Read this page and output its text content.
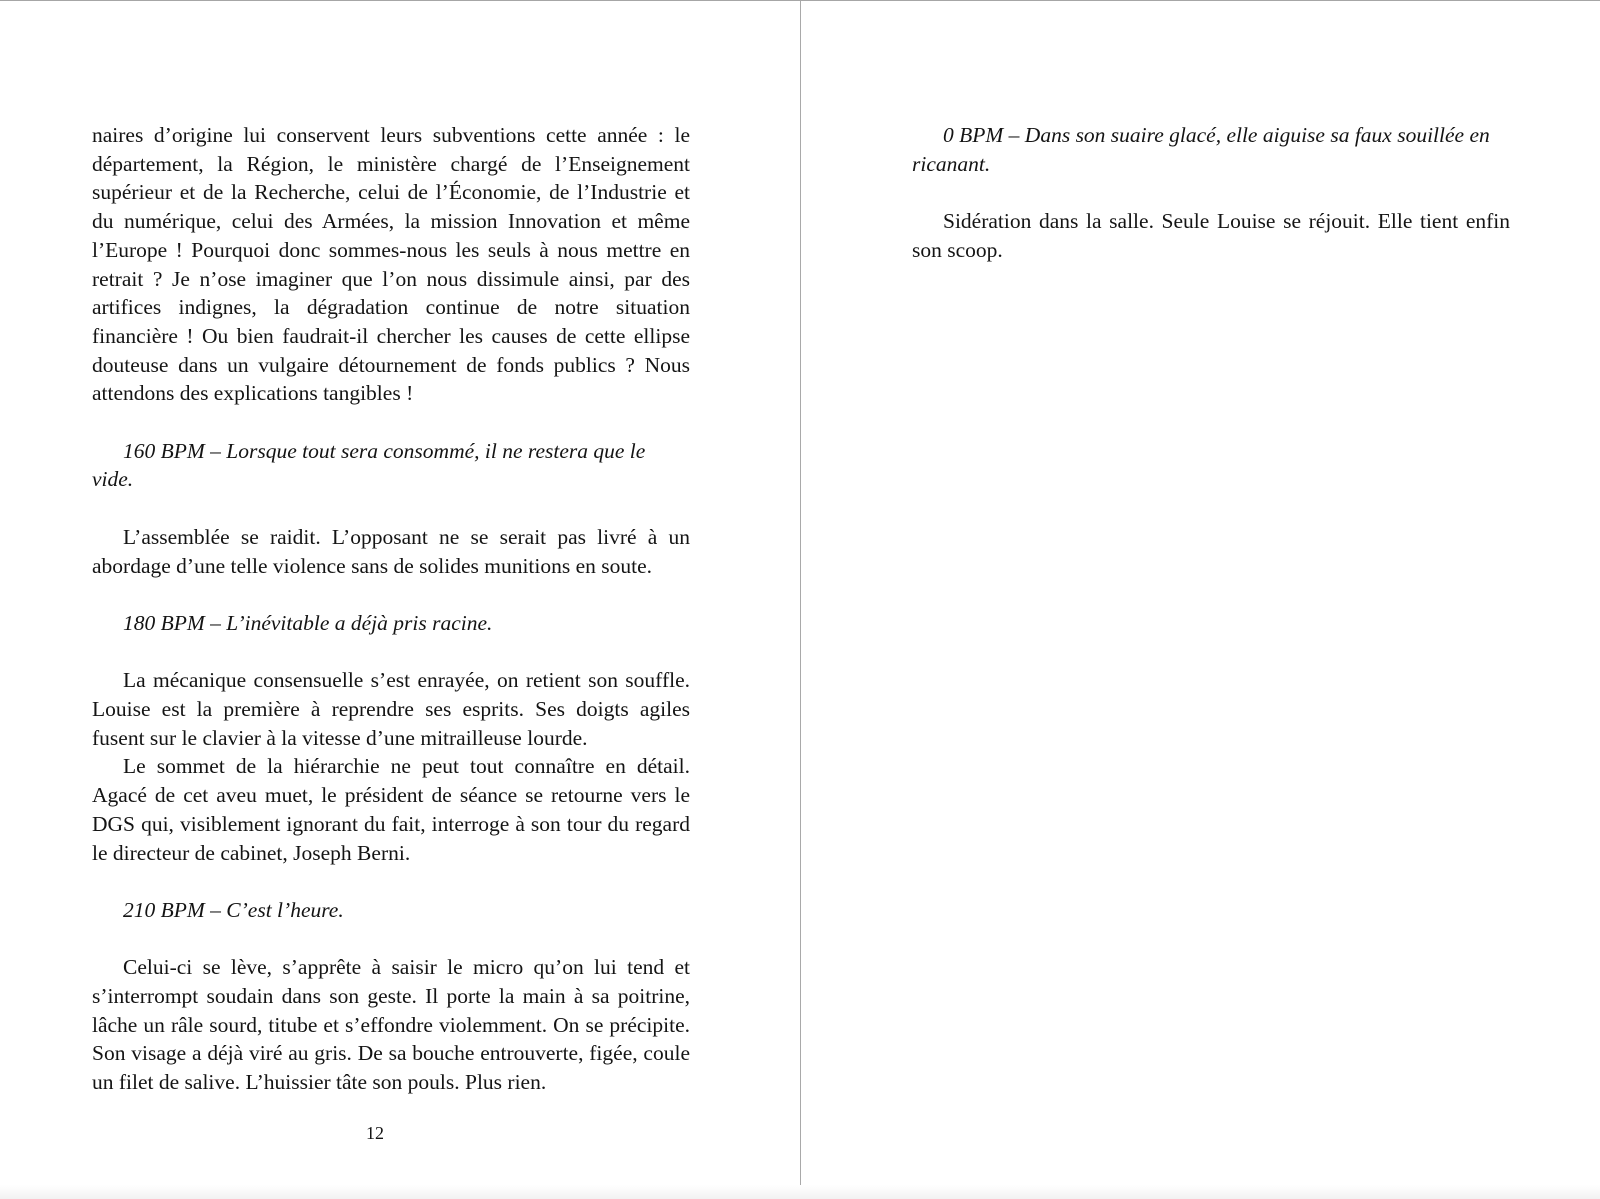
naires d’origine lui conservent leurs subventions cette année : le département, la Région, le ministère chargé de l’Enseignement supérieur et de la Recherche, celui de l’Économie, de l’Industrie et du numérique, celui des Armées, la mission Innovation et même l’Europe ! Pourquoi donc sommes-nous les seuls à nous mettre en retrait ? Je n’ose imaginer que l’on nous dissimule ainsi, par des artifices indignes, la dégradation continue de notre situation financière ! Ou bien faudrait-il chercher les causes de cette ellipse douteuse dans un vulgaire détournement de fonds publics ? Nous attendons des explications tangibles !

160 BPM – Lorsque tout sera consommé, il ne restera que le vide.

L’assemblée se raidit. L’opposant ne se serait pas livré à un abordage d’une telle violence sans de solides munitions en soute.

180 BPM – L’inévitable a déjà pris racine.

La mécanique consensuelle s’est enrayée, on retient son souffle. Louise est la première à reprendre ses esprits. Ses doigts agiles fusent sur le clavier à la vitesse d’une mitrailleuse lourde.

Le sommet de la hiérarchie ne peut tout connaître en détail. Agacé de cet aveu muet, le président de séance se retourne vers le DGS qui, visiblement ignorant du fait, interroge à son tour du regard le directeur de cabinet, Joseph Berni.

210 BPM – C’est l’heure.

Celui-ci se lève, s’apprête à saisir le micro qu’on lui tend et s’interrompt soudain dans son geste. Il porte la main à sa poitrine, lâche un râle sourd, titube et s’effondre violemment. On se précipite. Son visage a déjà viré au gris. De sa bouche entrouverte, figée, coule un filet de salive. L’huissier tâte son pouls. Plus rien.

12

0 BPM – Dans son suaire glacé, elle aiguise sa faux souillée en ricanant.

Sidération dans la salle. Seule Louise se réjouit. Elle tient enfin son scoop.
